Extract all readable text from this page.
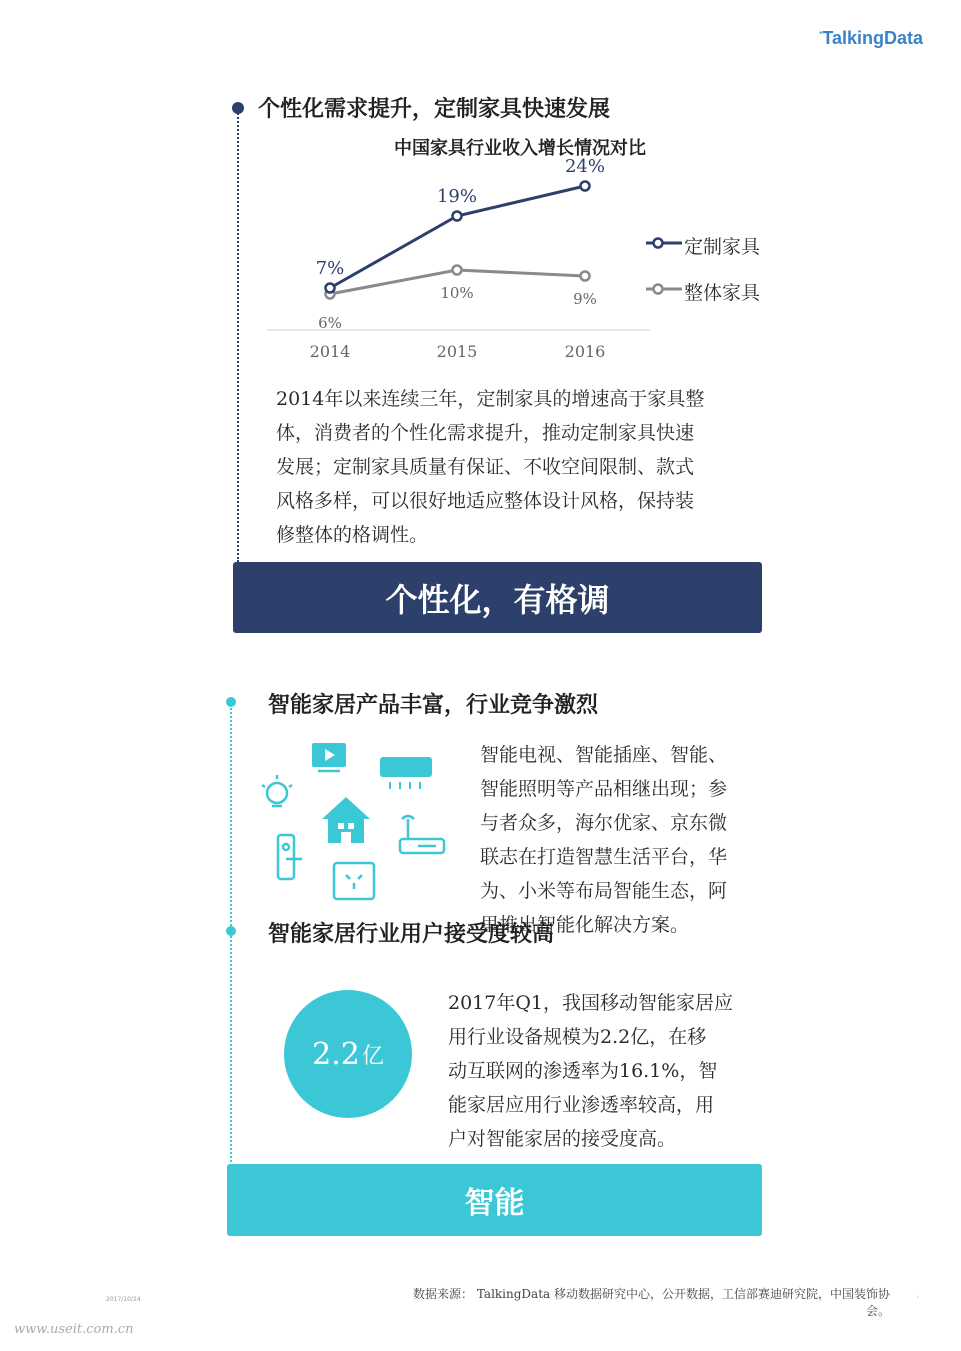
*TalkingData
个性化需求提升，定制家具快速发展
中国家具行业收入增长情况对比
2014	2015	2016
6%
10%	9%
7%
19%
24%
定制家具
整体家具
2014年以来连续三年，定制家具的增速高于家具整
体，消费者的个性化需求提升，推动定制家具快速
发展；定制家具质量有保证、不收空间限制、款式
风格多样，可以很好地适应整体设计风格，保持装
修整体的格调性。
个性化，有格调
智能家居产品丰富，行业竞争激烈
智能电视、智能插座、智能、
智能照明等产品相继出现；参
与者众多，海尔优家、京东微
联志在打造智慧生活平台，华
为、小米等布局智能生态，阿
里推出智能化解决方案。
智能家居行业用户接受度较高
2.2 亿
2017年Q1，我国移动智能家居应
用行业设备规模为2.2亿，在移
动互联网的渗透率为16.1%，智
能家居应用行业渗透率较高，用
户对智能家居的接受度高。
智能
数据来源： TalkingData 移动数据研究中心，公开数据，工信部赛迪研究院，中国装饰协
会。
2017/10/24
。
www.useit.com.cn
